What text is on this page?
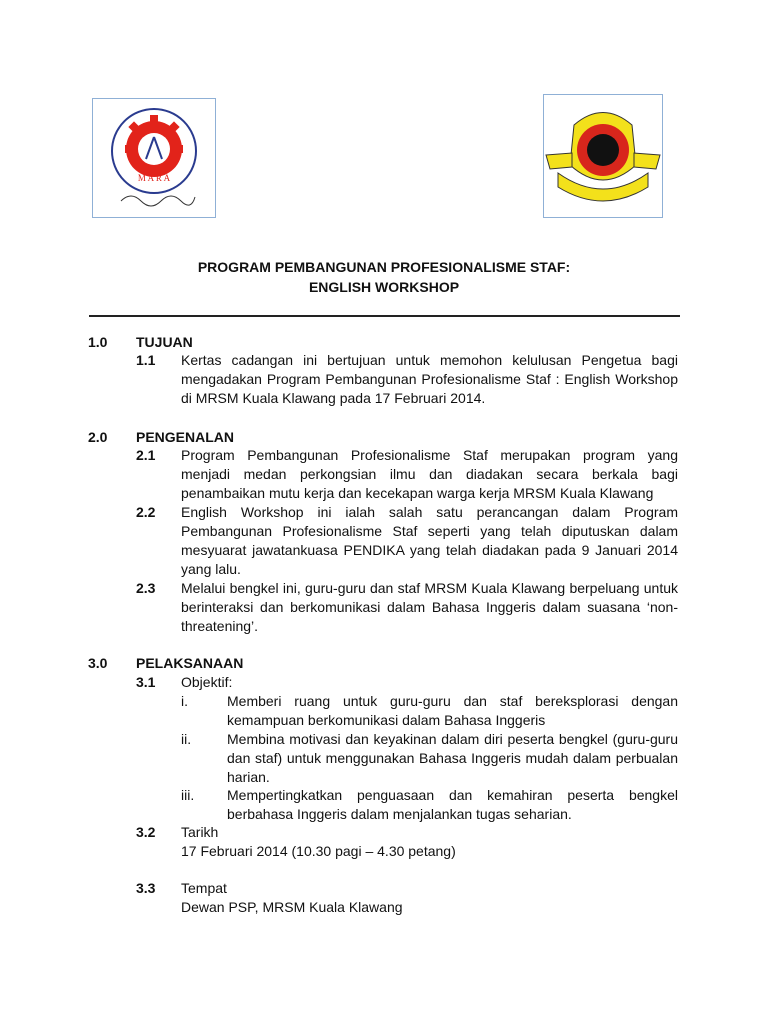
M A R A
PROGRAM PEMBANGUNAN PROFESIONALISME STAF:
ENGLISH WORKSHOP
1.0 TUJUAN
1.1 Kertas cadangan ini bertujuan untuk memohon kelulusan Pengetua bagi mengadakan Program Pembangunan Profesionalisme Staf : English Workshop di MRSM Kuala Klawang pada 17 Februari 2014.
2.0 PENGENALAN
2.1 Program Pembangunan Profesionalisme Staf merupakan program yang menjadi medan perkongsian ilmu dan diadakan secara berkala bagi penambaikan mutu kerja dan kecekapan warga kerja MRSM Kuala Klawang
2.2 English Workshop ini ialah salah satu perancangan dalam Program Pembangunan Profesionalisme Staf seperti yang telah diputuskan dalam mesyuarat jawatankuasa PENDIKA yang telah diadakan pada 9 Januari 2014 yang lalu.
2.3 Melalui bengkel ini, guru-guru dan staf MRSM Kuala Klawang berpeluang untuk berinteraksi dan berkomunikasi dalam Bahasa Inggeris dalam suasana ‘non-threatening’.
3.0 PELAKSANAAN
3.1 Objektif:
i.	Memberi ruang untuk guru-guru dan staf bereksplorasi dengan kemampuan berkomunikasi dalam Bahasa Inggeris
ii.	Membina motivasi dan keyakinan dalam diri peserta bengkel (guru-guru dan staf) untuk menggunakan Bahasa Inggeris mudah dalam perbualan harian.
iii. Mempertingkatkan penguasaan dan kemahiran peserta bengkel berbahasa Inggeris dalam menjalankan tugas seharian.
3.2 Tarikh
17 Februari 2014 (10.30 pagi – 4.30 petang)
3.3 Tempat
Dewan PSP, MRSM Kuala Klawang
